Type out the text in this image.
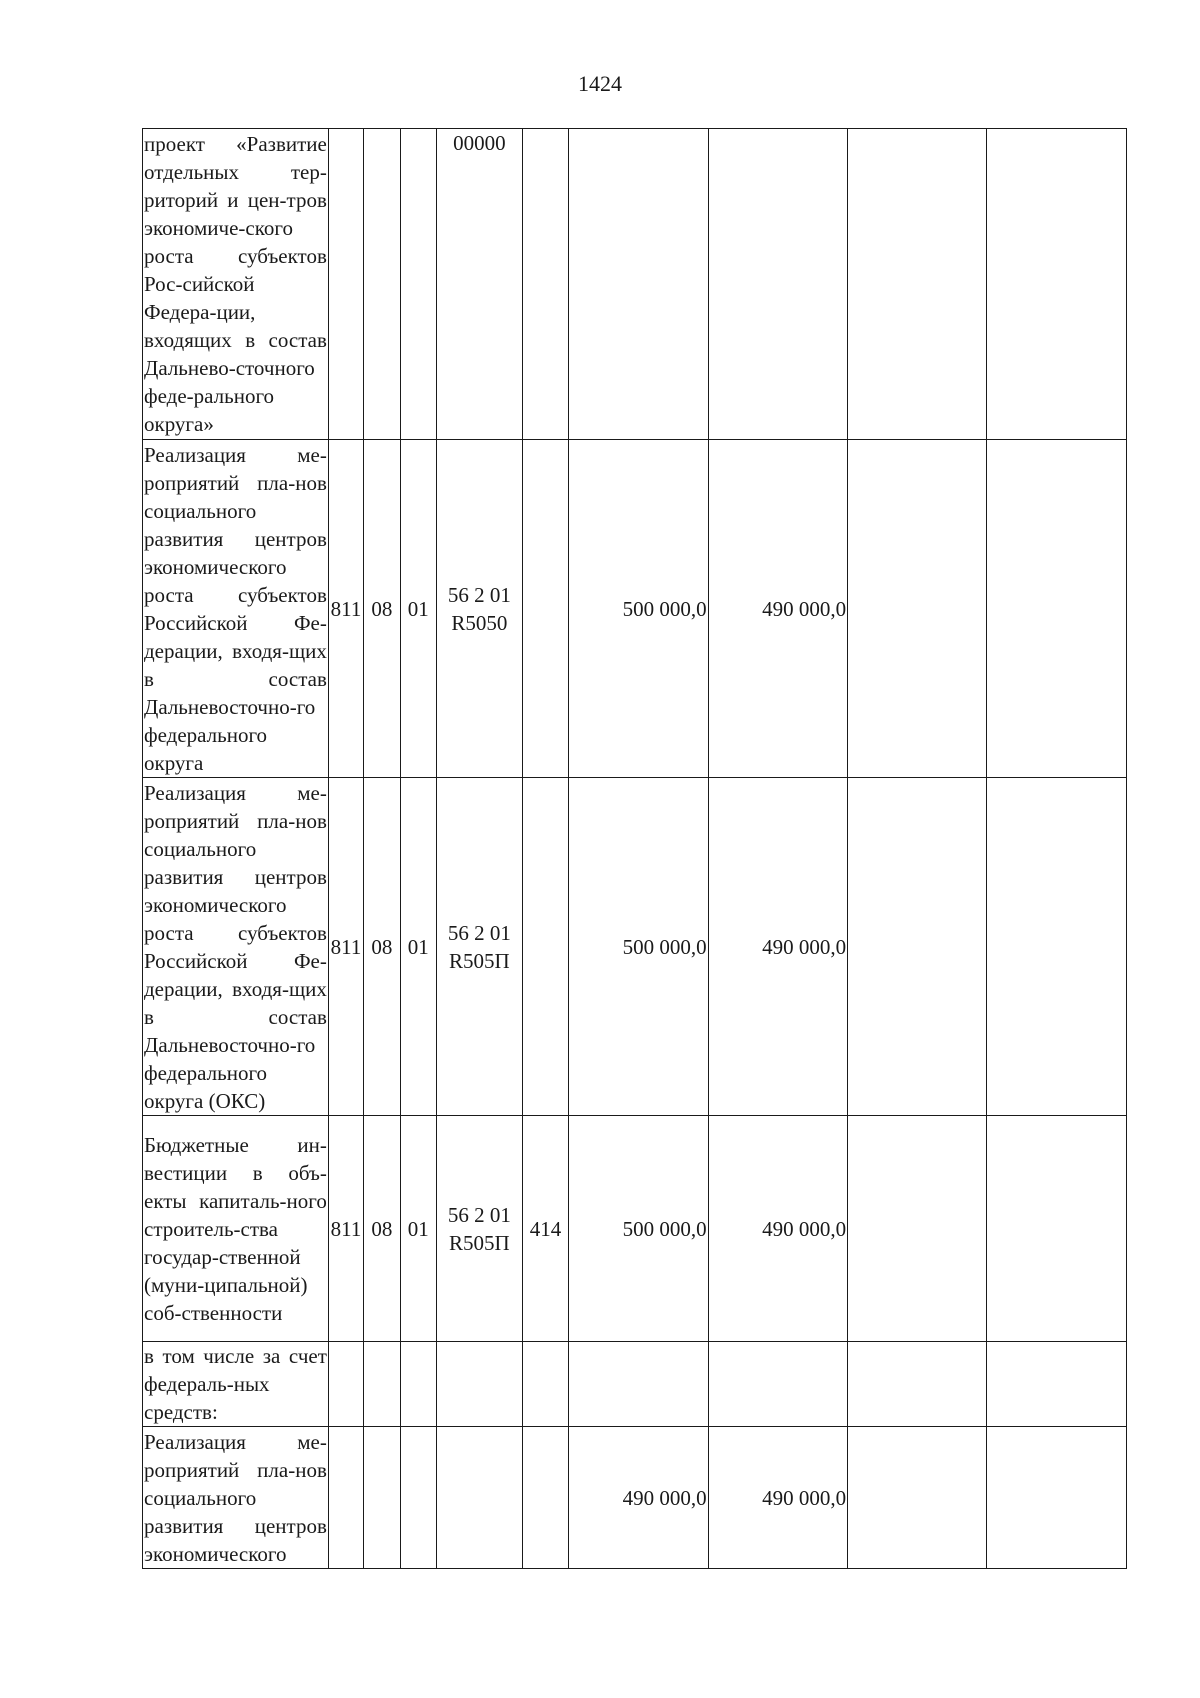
1424
проект «Развитие отдельных тер-риторий и цен-тров экономиче-ского роста субъектов Рос-сийской Федера-ции, входящих в состав Дальнево-сточного феде-рального округа»				00000					
Реализация ме-роприятий пла-нов социального развития центров экономического роста субъектов Российской Фе-дерации, входя-щих в состав Дальневосточно-го федерального округа	811	08	01	56 2 01 R5050		500 000,0	490 000,0		
Реализация ме-роприятий пла-нов социального развития центров экономического роста субъектов Российской Фе-дерации, входя-щих в состав Дальневосточно-го федерального округа (ОКС)	811	08	01	56 2 01 R505П		500 000,0	490 000,0		
Бюджетные ин-вестиции в объ-екты капиталь-ного строитель-ства государ-ственной (муни-ципальной) соб-ственности	811	08	01	56 2 01 R505П	414	500 000,0	490 000,0		
в том числе за счет федераль-ных средств:									
Реализация ме-роприятий пла-нов социального развития центров экономического						490 000,0	490 000,0		
